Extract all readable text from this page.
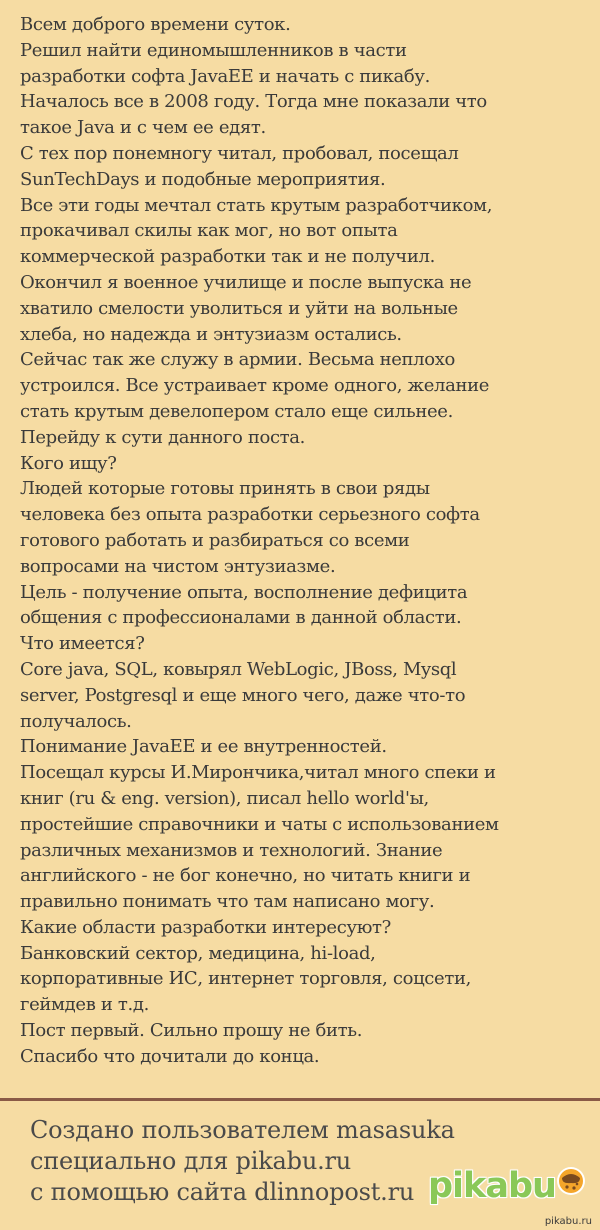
Всем доброго времени суток.
Решил найти единомышленников в части
разработки софта JavaEE и начать с пикабу.
Началось все в 2008 году. Тогда мне показали что
такое Java и с чем ее едят.
С тех пор понемногу читал, пробовал, посещал
SunTechDays и подобные мероприятия.
Все эти годы мечтал стать крутым разработчиком,
прокачивал скилы как мог, но вот опыта
коммерческой разработки так и не получил.
Окончил я военное училище и после выпуска не
хватило смелости уволиться и уйти на вольные
хлеба, но надежда и энтузиазм остались.
Сейчас так же служу в армии. Весьма неплохо
устроился. Все устраивает кроме одного, желание
стать крутым девелопером стало еще сильнее.
Перейду к сути данного поста.
Кого ищу?
Людей которые готовы принять в свои ряды
человека без опыта разработки серьезного софта
готового работать и разбираться со всеми
вопросами на чистом энтузиазме.
Цель - получение опыта, восполнение дефицита
общения с профессионалами в данной области.
Что имеется?
Core java, SQL, ковырял WebLogic, JBoss, Mysql
server, Postgresql и еще много чего, даже что-то
получалось.
Понимание JavaEE и ее внутренностей.
Посещал курсы И.Мирончика,читал много спеки и
книг (ru & eng. version), писал hello world'ы,
простейшие справочники и чаты с использованием
различных механизмов и технологий. Знание
английского - не бог конечно, но читать книги и
правильно понимать что там написано могу.
Какие области разработки интересуют?
Банковский сектор, медицина, hi-load,
корпоративные ИС, интернет торговля, соцсети,
геймдев и т.д.
Пост первый. Сильно прошу не бить.
Спасибо что дочитали до конца.
Создано пользователем masasuka
специально для pikabu.ru
с помощью сайта dlinnopost.ru pikabu
pikabu.ru
